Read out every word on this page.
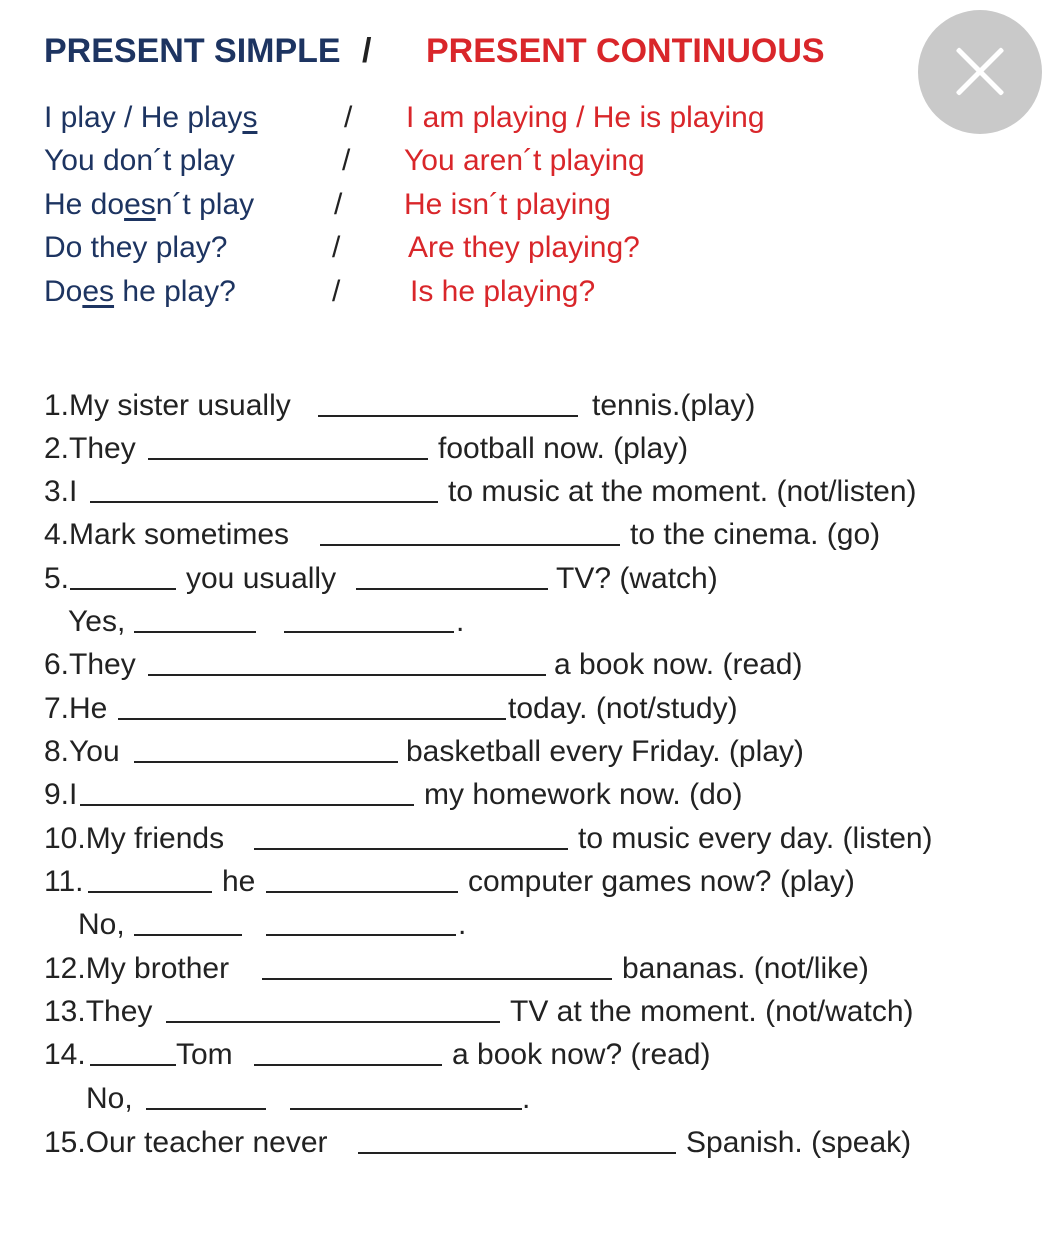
PRESENT SIMPLE / PRESENT CONTINUOUS
I play / He plays	/ I am playing / He is playing
You don´t play	/ You aren´t playing
He doesn´t play	/ He isn´t playing
Do they play?	/ Are they playing?
Does he play?	/ Is he playing?
1.My sister usually	tennis.(play)
2.They	football now. (play)
3.I	to music at the moment. (not/listen)
4.Mark sometimes	to the cinema. (go)
5.	you usually	TV? (watch)
Yes,	.
6.They	a book now. (read)
7.He	today. (not/study)
8.You	basketball every Friday. (play)
9.I	my homework now. (do)
10.My friends	to music every day. (listen)
11.	he	computer games now? (play)
No,	.
12.My brother	bananas. (not/like)
13.They	TV at the moment. (not/watch)
14.	Tom	a book now? (read)
No,	.
15.Our teacher never	Spanish. (speak)
